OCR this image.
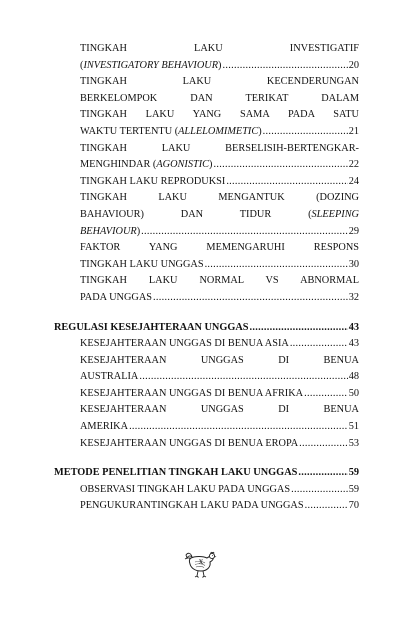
TINGKAH LAKU INVESTIGATIF
(INVESTIGATORY BEHAVIOUR) .....	20
TINGKAH LAKU KECENDERUNGAN
BERKELOMPOK DAN TERIKAT DALAM
TINGKAH LAKU YANG SAMA PADA SATU
WAKTU TERTENTU (ALLELOMIMETIC) .....	21
TINGKAH LAKU BERSELISIH-BERTENGKAR-
MENGHINDAR (AGONISTIC) .....	22
TINGKAH LAKU REPRODUKSI .....	24
TINGKAH LAKU MENGANTUK (DOZING
BAHAVIOUR) DAN TIDUR (SLEEPING
BEHAVIOUR) .....	29
FAKTOR YANG MEMENGARUHI RESPONS
TINGKAH LAKU UNGGAS .....	30
TINGKAH LAKU NORMAL VS ABNORMAL
PADA UNGGAS .....	32
REGULASI KESEJAHTERAAN UNGGAS .....	43
KESEJAHTERAAN UNGGAS DI BENUA ASIA .....	43
KESEJAHTERAAN UNGGAS DI BENUA
AUSTRALIA .....	48
KESEJAHTERAAN UNGGAS DI BENUA AFRIKA .....	50
KESEJAHTERAAN UNGGAS DI BENUA
AMERIKA .....	51
KESEJAHTERAAN UNGGAS DI BENUA EROPA .....	53
METODE PENELITIAN TINGKAH LAKU UNGGAS .....	59
OBSERVASI TINGKAH LAKU PADA UNGGAS .....	59
PENGUKURANTINGKAH LAKU PADA UNGGAS .....	70
x
